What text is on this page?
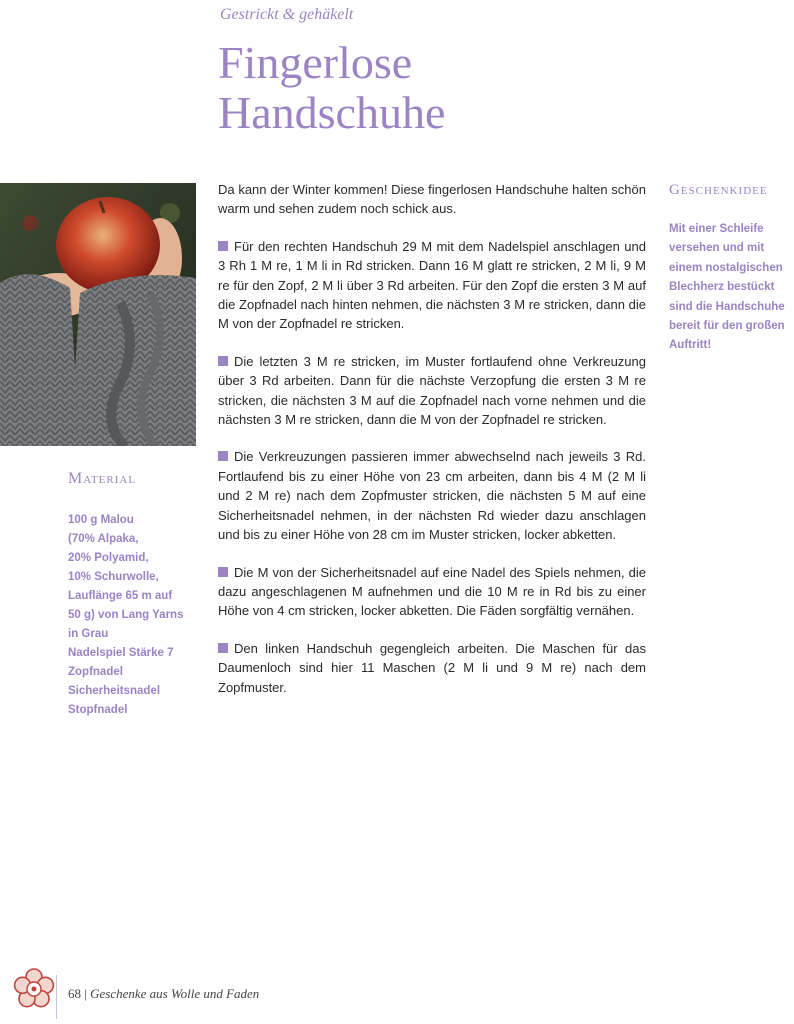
Gestrickt & gehäkelt
Fingerlose
Handschuhe
Material
100 g Malou
(70% Alpaka,
20% Polyamid,
10% Schurwolle,
Lauflänge 65 m auf
50 g) von Lang Yarns
in Grau
Nadelspiel Stärke 7
Zopfnadel
Sicherheitsnadel
Stopfnadel
Geschenkidee
Mit einer Schleife versehen und mit einem nostalgischen Blechherz bestückt sind die Handschuhe bereit für den großen Auftritt!

Da kann der Winter kommen! Diese fingerlosen Handschuhe halten schön warm und sehen zudem noch schick aus.

Für den rechten Handschuh 29 M mit dem Nadelspiel anschlagen und 3 Rh 1 M re, 1 M li in Rd stricken. Dann 16 M glatt re stricken, 2 M li, 9 M re für den Zopf, 2 M li über 3 Rd arbeiten. Für den Zopf die ersten 3 M auf die Zopfnadel nach hinten nehmen, die nächsten 3 M re stricken, dann die M von der Zopfnadel re stricken.

Die letzten 3 M re stricken, im Muster fortlaufend ohne Verkreuzung über 3 Rd arbeiten. Dann für die nächste Verzopfung die ersten 3 M re stricken, die nächsten 3 M auf die Zopfnadel nach vorne nehmen und die nächsten 3 M re stricken, dann die M von der Zopfnadel re stricken.

Die Verkreuzungen passieren immer abwechselnd nach jeweils 3 Rd. Fortlaufend bis zu einer Höhe von 23 cm arbeiten, dann bis 4 M (2 M li und 2 M re) nach dem Zopfmuster stricken, die nächsten 5 M auf eine Sicherheitsnadel nehmen, in der nächsten Rd wieder dazu anschlagen und bis zu einer Höhe von 28 cm im Muster stricken, locker abketten.

Die M von der Sicherheitsnadel auf eine Nadel des Spiels nehmen, die dazu angeschlagenen M aufnehmen und die 10 M re in Rd bis zu einer Höhe von 4 cm stricken, locker abketten. Die Fäden sorgfältig vernähen.

Den linken Handschuh gegengleich arbeiten. Die Maschen für das Daumenloch sind hier 11 Maschen (2 M li und 9 M re) nach dem Zopfmuster.

68 | Geschenke aus Wolle und Faden
